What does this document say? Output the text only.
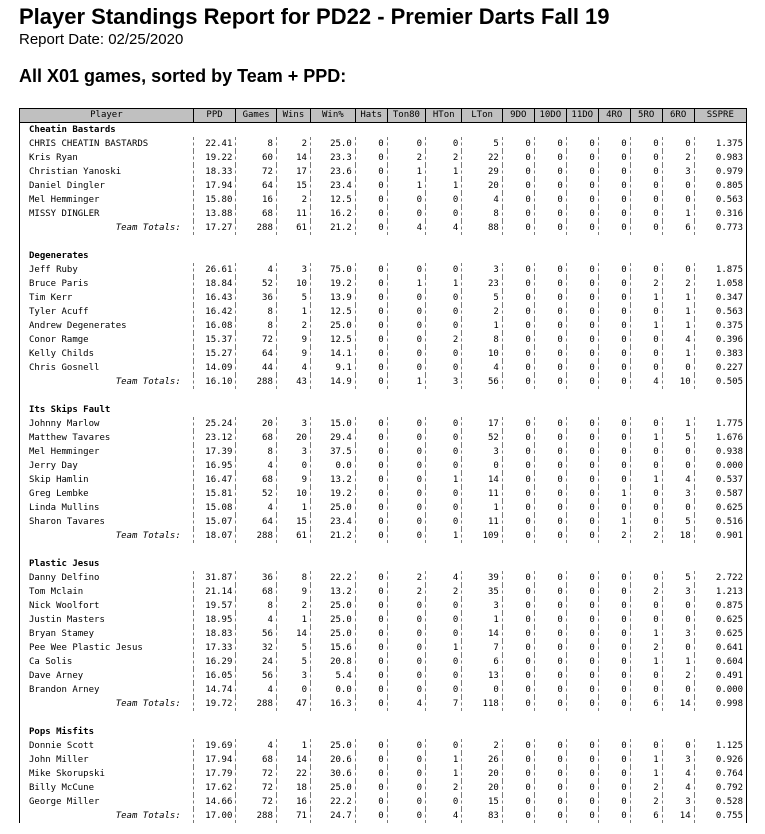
Player Standings Report for PD22 - Premier Darts Fall 19
Report Date: 02/25/2020
All X01 games, sorted by Team + PPD:
Player	PPD	Games	Wins	Win%	Hats	Ton80	HTon	LTon	9DO	10DO	11DO	4RO	5RO	6RO	SSPRE
Cheatin Bastards															
CHRIS CHEATIN BASTARDS	22.41	8	2	25.0	0	0	0	5	0	0	0	0	0	0	1.375
Kris Ryan	19.22	60	14	23.3	0	2	2	22	0	0	0	0	0	2	0.983
Christian Yanoski	18.33	72	17	23.6	0	1	1	29	0	0	0	0	0	3	0.979
Daniel Dingler	17.94	64	15	23.4	0	1	1	20	0	0	0	0	0	0	0.805
Mel Hemminger	15.80	16	2	12.5	0	0	0	4	0	0	0	0	0	0	0.563
MISSY DINGLER	13.88	68	11	16.2	0	0	0	8	0	0	0	0	0	1	0.316
Team Totals:	17.27	288	61	21.2	0	4	4	88	0	0	0	0	0	6	0.773

Degenerates															
Jeff Ruby	26.61	4	3	75.0	0	0	0	3	0	0	0	0	0	0	1.875
Bruce Paris	18.84	52	10	19.2	0	1	1	23	0	0	0	0	2	2	1.058
Tim Kerr	16.43	36	5	13.9	0	0	0	5	0	0	0	0	1	1	0.347
Tyler Acuff	16.42	8	1	12.5	0	0	0	2	0	0	0	0	0	1	0.563
Andrew Degenerates	16.08	8	2	25.0	0	0	0	1	0	0	0	0	1	1	0.375
Conor Ramge	15.37	72	9	12.5	0	0	2	8	0	0	0	0	0	4	0.396
Kelly Childs	15.27	64	9	14.1	0	0	0	10	0	0	0	0	0	1	0.383
Chris Gosnell	14.09	44	4	9.1	0	0	0	4	0	0	0	0	0	0	0.227
Team Totals:	16.10	288	43	14.9	0	1	3	56	0	0	0	0	4	10	0.505

Its Skips Fault															
Johnny Marlow	25.24	20	3	15.0	0	0	0	17	0	0	0	0	0	1	1.775
Matthew Tavares	23.12	68	20	29.4	0	0	0	52	0	0	0	0	1	5	1.676
Mel Hemminger	17.39	8	3	37.5	0	0	0	3	0	0	0	0	0	0	0.938
Jerry Day	16.95	4	0	0.0	0	0	0	0	0	0	0	0	0	0	0.000
Skip Hamlin	16.47	68	9	13.2	0	0	1	14	0	0	0	0	1	4	0.537
Greg Lembke	15.81	52	10	19.2	0	0	0	11	0	0	0	1	0	3	0.587
Linda Mullins	15.08	4	1	25.0	0	0	0	1	0	0	0	0	0	0	0.625
Sharon Tavares	15.07	64	15	23.4	0	0	0	11	0	0	0	1	0	5	0.516
Team Totals:	18.07	288	61	21.2	0	0	1	109	0	0	0	2	2	18	0.901

Plastic Jesus															
Danny Delfino	31.87	36	8	22.2	0	2	4	39	0	0	0	0	0	5	2.722
Tom Mclain	21.14	68	9	13.2	0	2	2	35	0	0	0	0	2	3	1.213
Nick Woolfort	19.57	8	2	25.0	0	0	0	3	0	0	0	0	0	0	0.875
Justin Masters	18.95	4	1	25.0	0	0	0	1	0	0	0	0	0	0	0.625
Bryan Stamey	18.83	56	14	25.0	0	0	0	14	0	0	0	0	1	3	0.625
Pee Wee Plastic Jesus	17.33	32	5	15.6	0	0	1	7	0	0	0	0	2	0	0.641
Ca Solis	16.29	24	5	20.8	0	0	0	6	0	0	0	0	1	1	0.604
Dave Arney	16.05	56	3	5.4	0	0	0	13	0	0	0	0	0	2	0.491
Brandon Arney	14.74	4	0	0.0	0	0	0	0	0	0	0	0	0	0	0.000
Team Totals:	19.72	288	47	16.3	0	4	7	118	0	0	0	0	6	14	0.998

Pops Misfits															
Donnie Scott	19.69	4	1	25.0	0	0	0	2	0	0	0	0	0	0	1.125
John Miller	17.94	68	14	20.6	0	0	1	26	0	0	0	0	1	3	0.926
Mike Skorupski	17.79	72	22	30.6	0	0	1	20	0	0	0	0	1	4	0.764
Billy McCune	17.62	72	18	25.0	0	0	2	20	0	0	0	0	2	4	0.792
George Miller	14.66	72	16	22.2	0	0	0	15	0	0	0	0	2	3	0.528
Team Totals:	17.00	288	71	24.7	0	0	4	83	0	0	0	0	6	14	0.755
